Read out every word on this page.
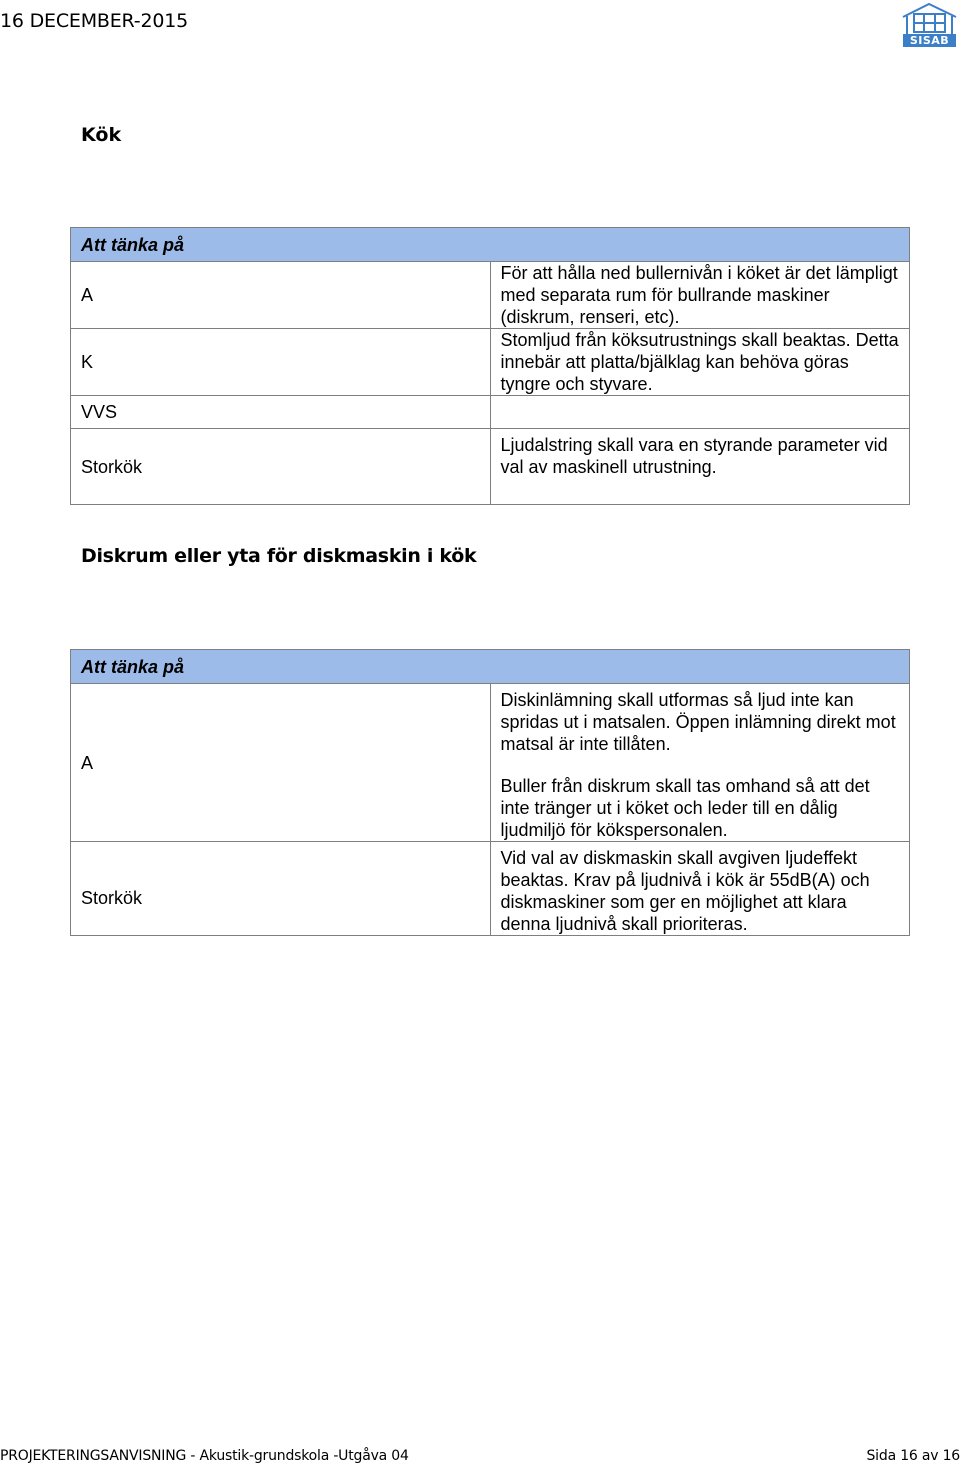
16 DECEMBER-2015
SISAB
Kök
Att tänka på	
A	För att hålla ned bullernivån i köket är det lämpligt med separata rum för bullrande maskiner (diskrum, renseri, etc).
K	Stomljud från köksutrustnings skall beaktas. Detta innebär att platta/bjälklag kan behöva göras tyngre och styvare.
VVS	
Storkök	Ljudalstring skall vara en styrande parameter vid val av maskinell utrustning.
Diskrum eller yta för diskmaskin i kök
Att tänka på	
A	Diskinlämning skall utformas så ljud inte kan spridas ut i matsalen. Öppen inlämning direkt mot matsal är inte tillåten.
Buller från diskrum skall tas omhand så att det inte tränger ut i köket och leder till en dålig ljudmiljö för kökspersonalen.

Storkök	Vid val av diskmaskin skall avgiven ljudeffekt beaktas. Krav på ljudnivå i kök är 55dB(A) och diskmaskiner som ger en möjlighet att klara denna ljudnivå skall prioriteras.
PROJEKTERINGSANVISNING - Akustik-grundskola -Utgåva 04	Sida 16 av 16
